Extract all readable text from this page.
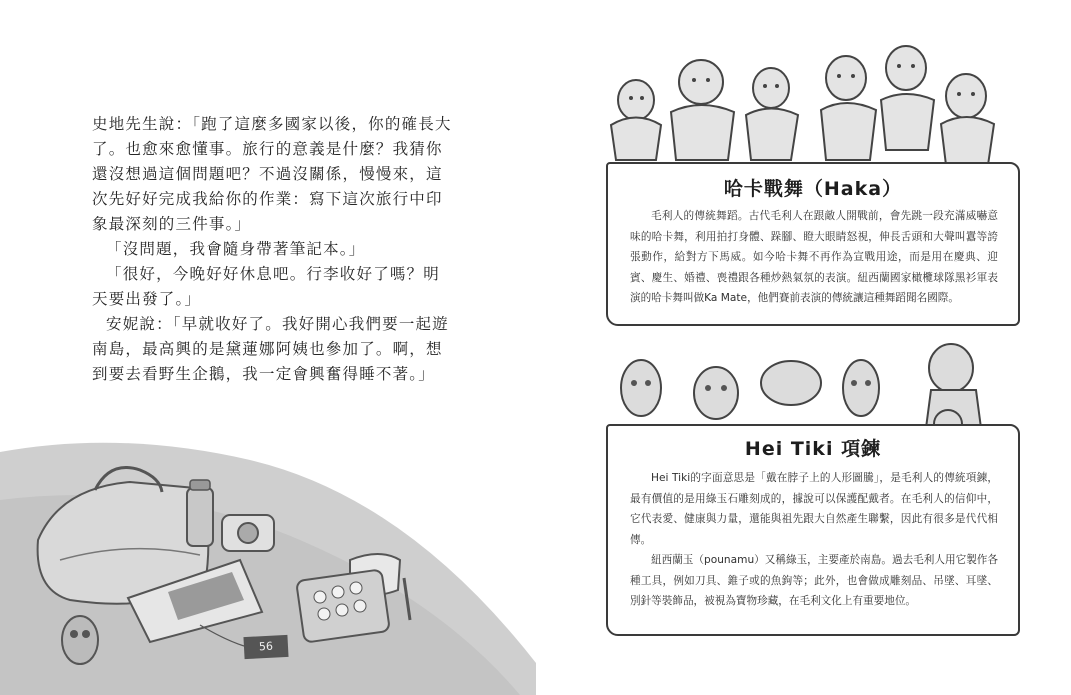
史地先生說：「跑了這麼多國家以後，你的確長大了。也愈來愈懂事。旅行的意義是什麼？我猜你還沒想過這個問題吧？不過沒關係，慢慢來，這次先好好完成我給你的作業：寫下這次旅行中印象最深刻的三件事。」

「沒問題，我會隨身帶著筆記本。」

「很好，今晚好好休息吧。行李收好了嗎？明天要出發了。」

安妮說：「早就收好了。我好開心我們要一起遊南島，最高興的是黛蓮娜阿姨也參加了。啊，想到要去看野生企鵝，我一定會興奮得睡不著。」

56
哈卡戰舞（Haka）

毛利人的傳統舞蹈。古代毛利人在跟敵人開戰前，會先跳一段充滿威嚇意味的哈卡舞，利用拍打身體、跺腳、瞪大眼睛怒視，伸長舌頭和大聲叫囂等誇張動作，給對方下馬威。如今哈卡舞不再作為宣戰用途，而是用在慶典、迎賓、慶生、婚禮、喪禮跟各種炒熱氣氛的表演。紐西蘭國家橄欖球隊黑衫軍表演的哈卡舞叫做Ka Mate，他們賽前表演的傳統讓這種舞蹈聞名國際。

Hei Tiki 項鍊

Hei Tiki的字面意思是「戴在脖子上的人形圖騰」，是毛利人的傳統項鍊，最有價值的是用綠玉石雕刻成的，據說可以保護配戴者。在毛利人的信仰中，它代表愛、健康與力量，還能與祖先跟大自然產生聯繫，因此有很多是代代相傳。

紐西蘭玉（pounamu）又稱綠玉，主要產於南島。過去毛利人用它製作各種工具，例如刀具、錐子或的魚鉤等；此外，也會做成雕刻品、吊墜、耳墜、別針等裝飾品，被視為寶物珍藏，在毛利文化上有重要地位。
